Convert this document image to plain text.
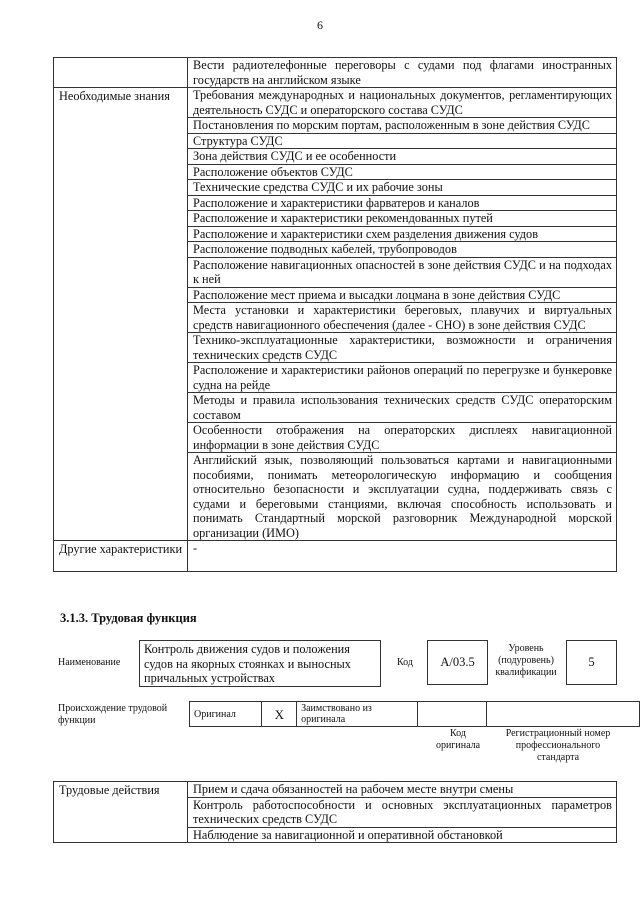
6
	Вести радиотелефонные переговоры с судами под флагами иностранных государств на английском языке
Необходимые знания	Требования международных и национальных документов, регламентирующих деятельность СУДС и операторского состава СУДС
	Постановления по морским портам, расположенным в зоне действия СУДС
	Структура СУДС
	Зона действия СУДС и ее особенности
	Расположение объектов СУДС
	Технические средства СУДС и их рабочие зоны
	Расположение и характеристики фарватеров и каналов
	Расположение и характеристики рекомендованных путей
	Расположение и характеристики схем разделения движения судов
	Расположение подводных кабелей, трубопроводов
	Расположение навигационных опасностей в зоне действия СУДС и на подходах к ней
	Расположение мест приема и высадки лоцмана в зоне действия СУДС
	Места установки и характеристики береговых, плавучих и виртуальных средств навигационного обеспечения (далее - СНО) в зоне действия СУДС
	Технико-эксплуатационные характеристики, возможности и ограничения технических средств СУДС
	Расположение и характеристики районов операций по перегрузке и бункеровке судна на рейде
	Методы и правила использования технических средств СУДС операторским составом
	Особенности отображения на операторских дисплеях навигационной информации в зоне действия СУДС
	Английский язык, позволяющий пользоваться картами и навигационными пособиями, понимать метеорологическую информацию и сообщения относительно безопасности и эксплуатации судна, поддерживать связь с судами и береговыми станциями, включая способность использовать и понимать Стандартный морской разговорник Международной морской организации (ИМО)
Другие характеристики	-
3.1.3. Трудовая функция
Наименование
Контроль движения судов и положения судов на якорных стоянках и выносных причальных устройствах
Код	A/03.5
Уровень (подуровень) квалификации
5
Происхождение трудовой функции
Оригинал	X	Заимствовано из оригинала		
Код оригинала
Регистрационный номер профессионального стандарта
Трудовые действия	Прием и сдача обязанностей на рабочем месте внутри смены
Контроль работоспособности и основных эксплуатационных параметров технических средств СУДС
Наблюдение за навигационной и оперативной обстановкой
